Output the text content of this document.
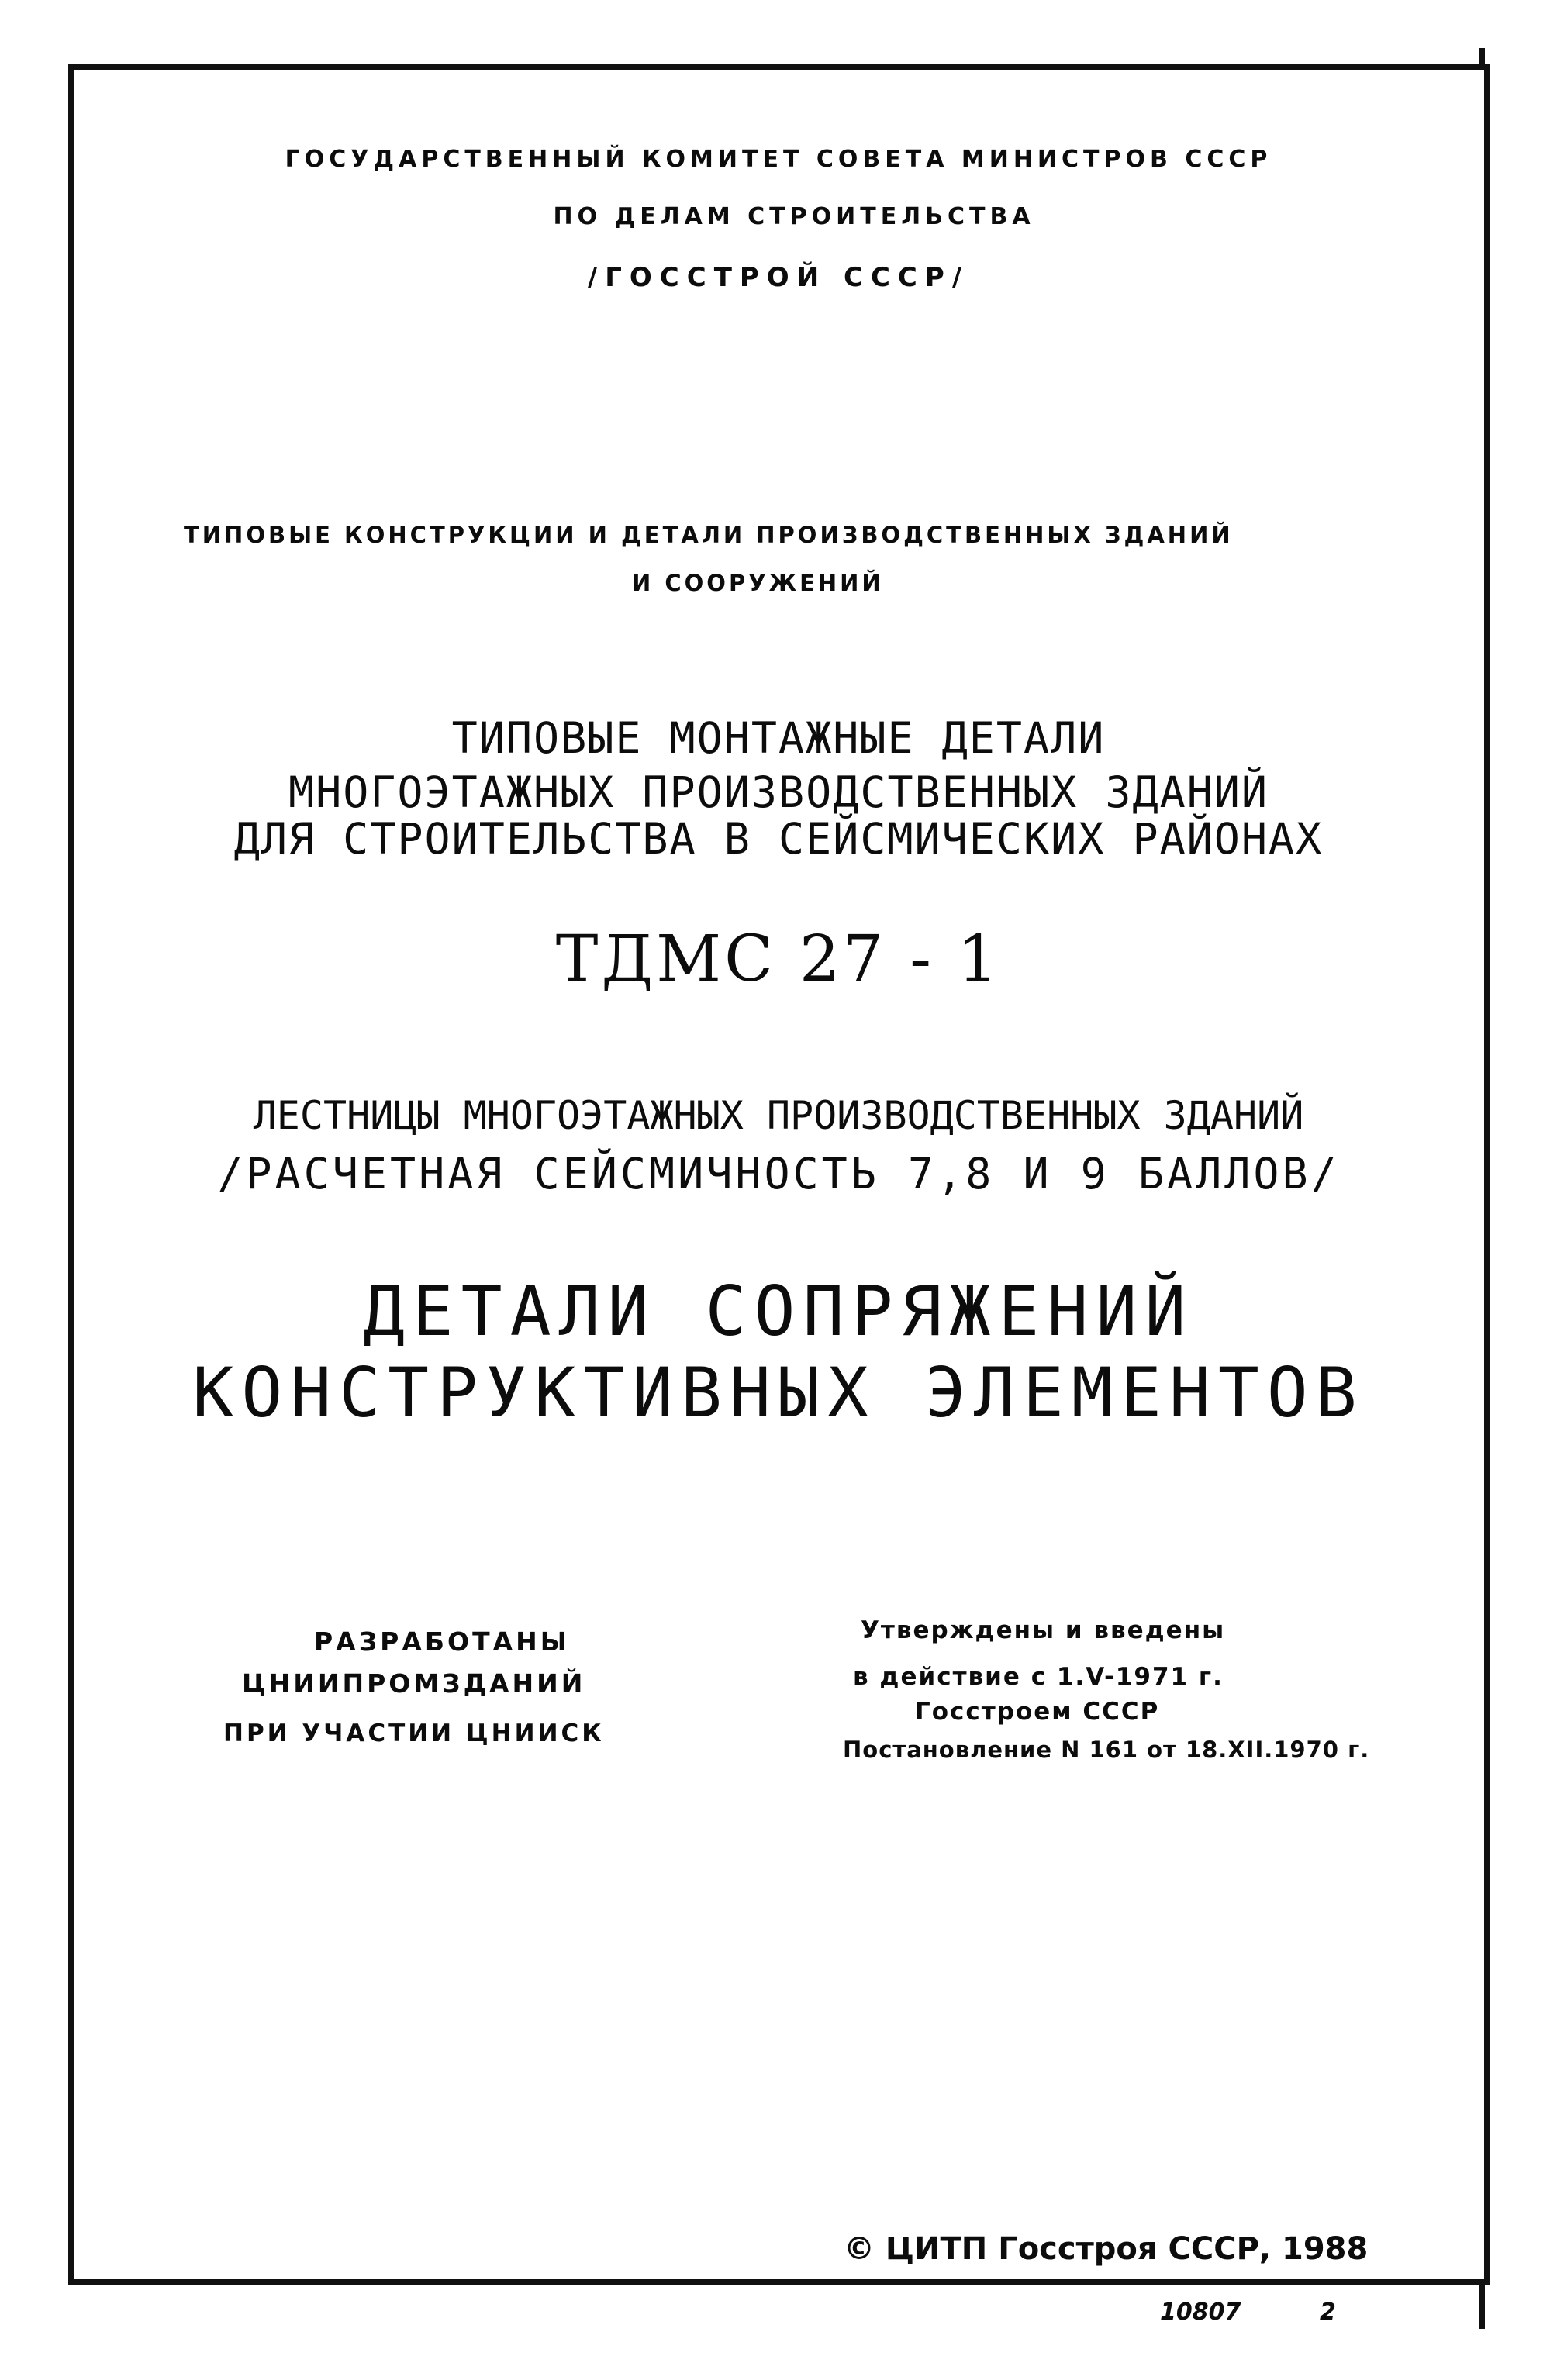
ГОСУДАРСТВЕННЫЙ КОМИТЕТ СОВЕТА МИНИСТРОВ СССР
ПО ДЕЛАМ СТРОИТЕЛЬСТВА
/ГОССТРОЙ СССР/
ТИПОВЫЕ КОНСТРУКЦИИ И ДЕТАЛИ ПРОИЗВОДСТВЕННЫХ ЗДАНИЙ
И СООРУЖЕНИЙ
ТИПОВЫЕ МОНТАЖНЫЕ ДЕТАЛИ
МНОГОЭТАЖНЫХ ПРОИЗВОДСТВЕННЫХ ЗДАНИЙ
ДЛЯ СТРОИТЕЛЬСТВА В СЕЙСМИЧЕСКИХ РАЙОНАХ
ТДМС 27 - 1
ЛЕСТНИЦЫ МНОГОЭТАЖНЫХ ПРОИЗВОДСТВЕННЫХ ЗДАНИЙ
/РАСЧЕТНАЯ СЕЙСМИЧНОСТЬ 7,8 И 9 БАЛЛОВ/
ДЕТАЛИ СОПРЯЖЕНИЙ
КОНСТРУКТИВНЫХ ЭЛЕМЕНТОВ
РАЗРАБОТАНЫ
ЦНИИПРОМЗДАНИЙ
ПРИ УЧАСТИИ ЦНИИСК
Утверждены и введены
в действие с 1.V-1971 г.
Госстроем СССР
Постановление N 161 от 18.XII.1970 г.
© ЦИТП Госстроя СССР, 1988
10807	2
